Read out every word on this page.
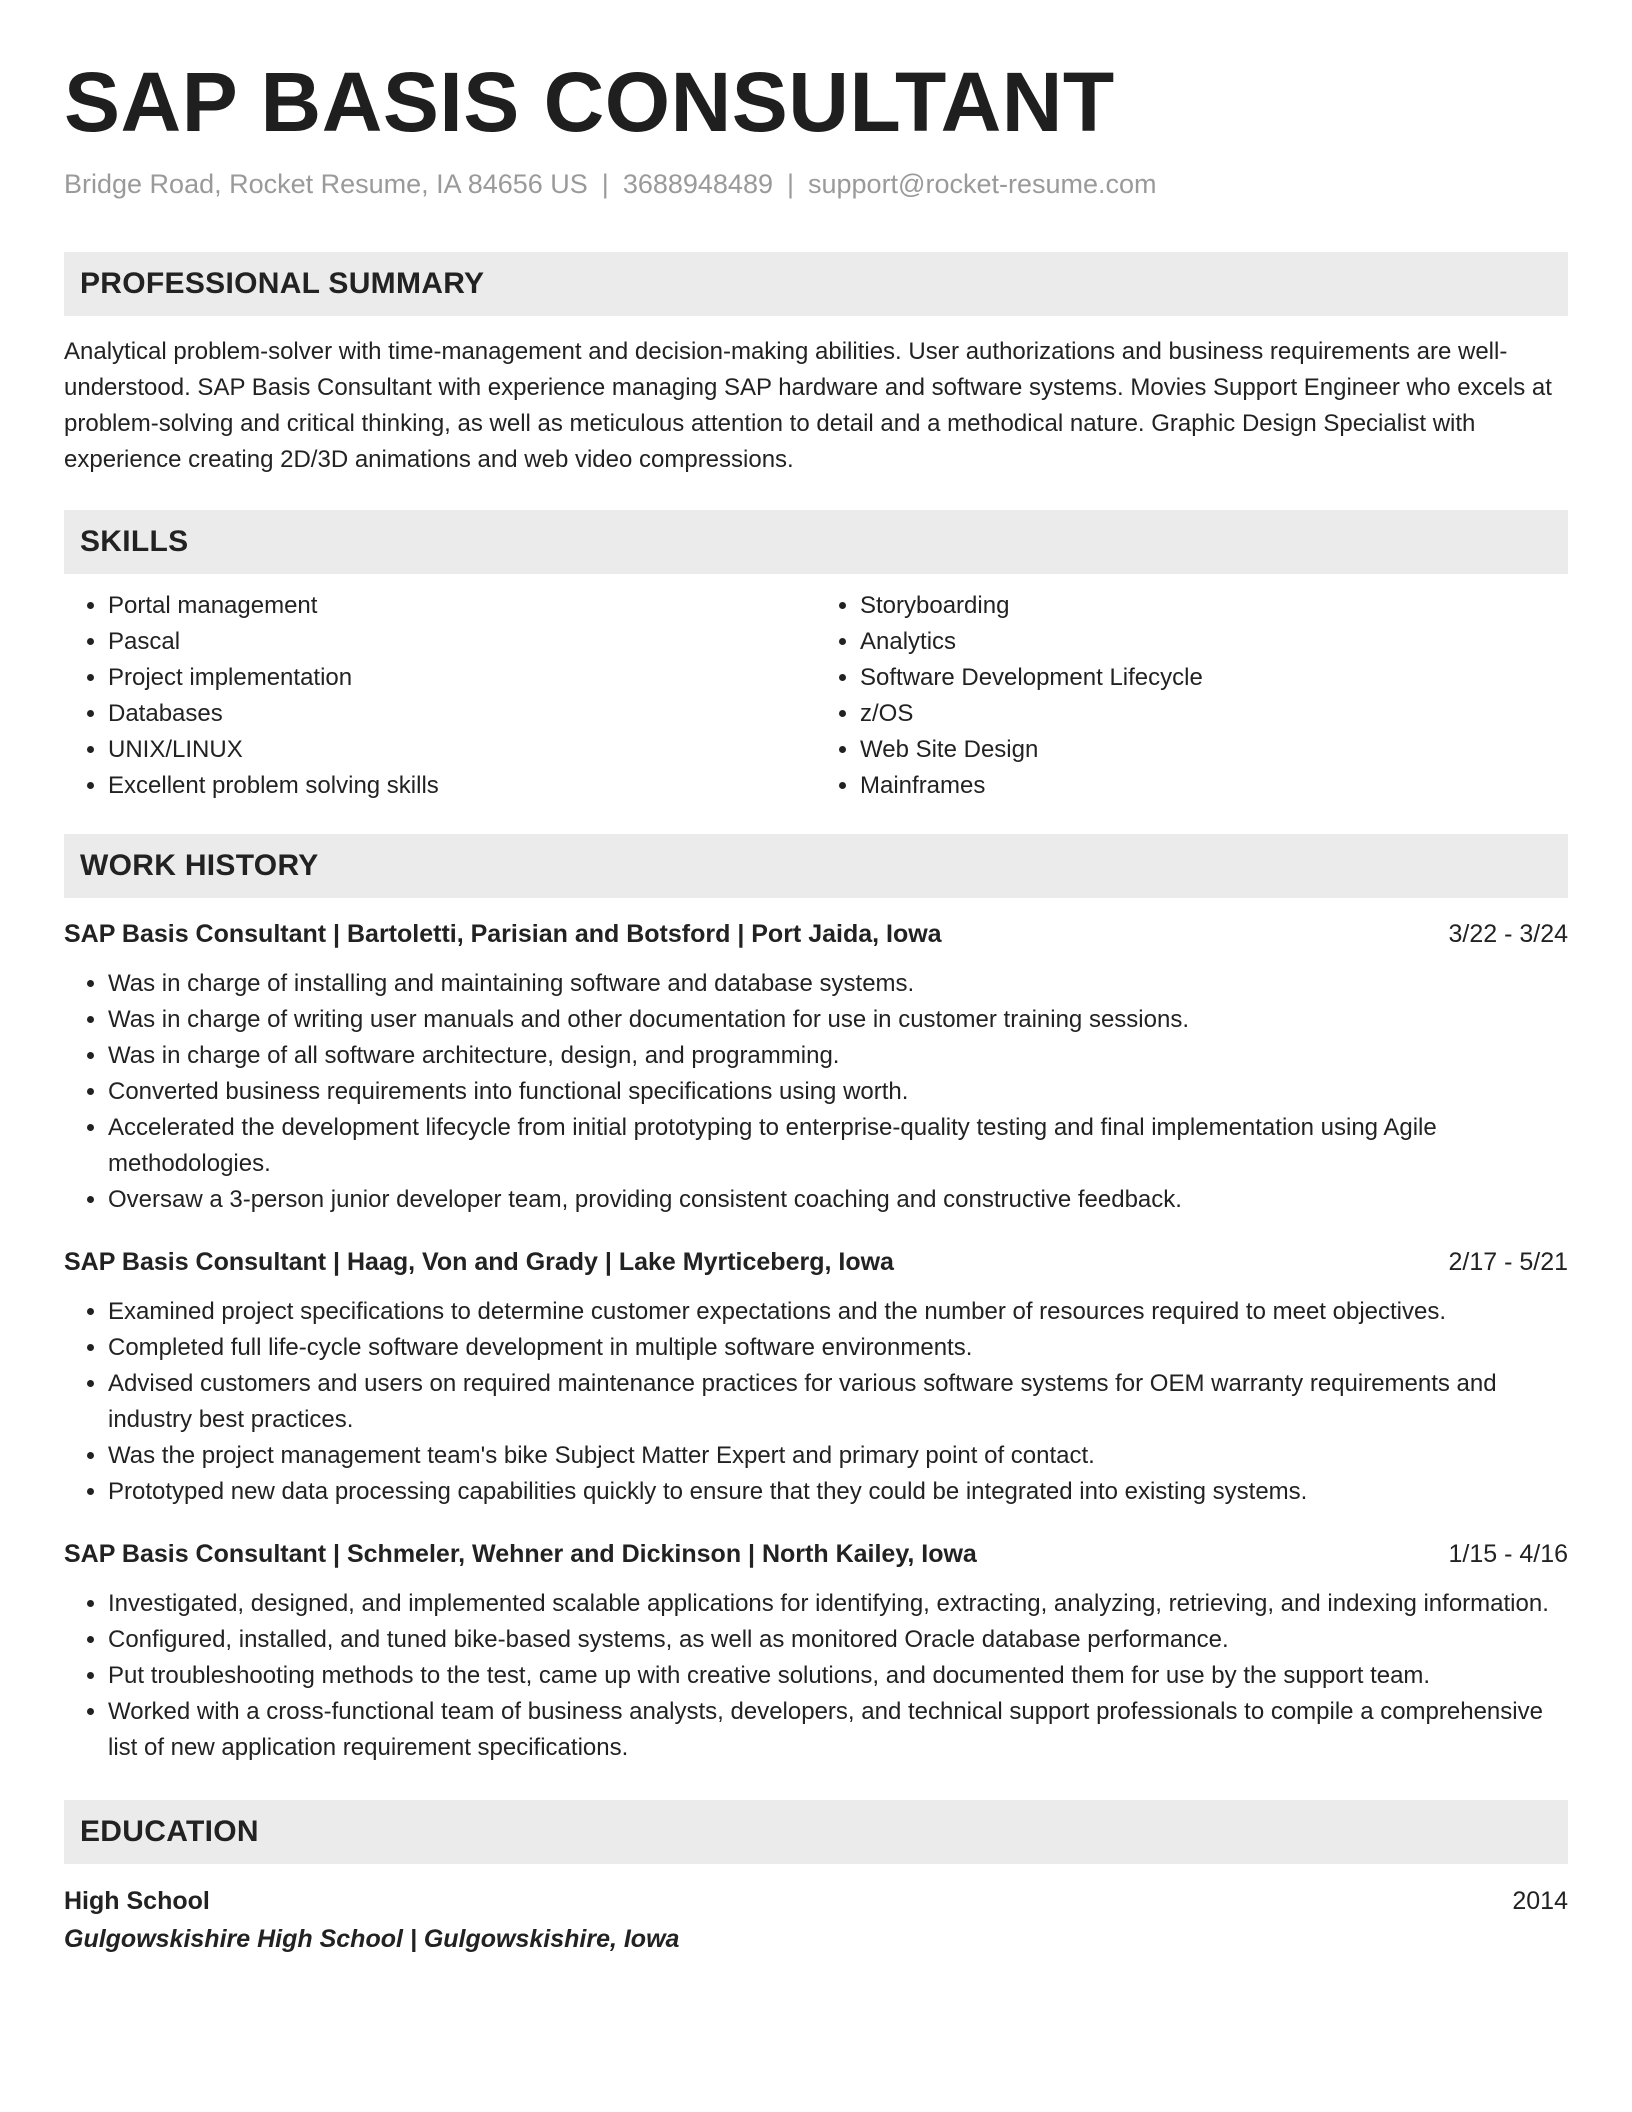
SAP BASIS CONSULTANT
Bridge Road, Rocket Resume, IA 84656 US | 3688948489 | support@rocket-resume.com
PROFESSIONAL SUMMARY

Analytical problem-solver with time-management and decision-making abilities. User authorizations and business requirements are well-understood. SAP Basis Consultant with experience managing SAP hardware and software systems. Movies Support Engineer who excels at problem-solving and critical thinking, as well as meticulous attention to detail and a methodical nature. Graphic Design Specialist with experience creating 2D/3D animations and web video compressions.

SKILLS
• Portal management
• Pascal
• Project implementation
• Databases
• UNIX/LINUX
• Excellent problem solving skills
• Storyboarding
• Analytics
• Software Development Lifecycle
• z/OS
• Web Site Design
• Mainframes
WORK HISTORY
SAP Basis Consultant | Bartoletti, Parisian and Botsford | Port Jaida, Iowa	3/22 - 3/24
• Was in charge of installing and maintaining software and database systems.
• Was in charge of writing user manuals and other documentation for use in customer training sessions.
• Was in charge of all software architecture, design, and programming.
• Converted business requirements into functional specifications using worth.
• Accelerated the development lifecycle from initial prototyping to enterprise-quality testing and final implementation using Agile methodologies.
• Oversaw a 3-person junior developer team, providing consistent coaching and constructive feedback.
SAP Basis Consultant | Haag, Von and Grady | Lake Myrticeberg, Iowa	2/17 - 5/21
• Examined project specifications to determine customer expectations and the number of resources required to meet objectives.
• Completed full life-cycle software development in multiple software environments.
• Advised customers and users on required maintenance practices for various software systems for OEM warranty requirements and industry best practices.
• Was the project management team's bike Subject Matter Expert and primary point of contact.
• Prototyped new data processing capabilities quickly to ensure that they could be integrated into existing systems.
SAP Basis Consultant | Schmeler, Wehner and Dickinson | North Kailey, Iowa	1/15 - 4/16
• Investigated, designed, and implemented scalable applications for identifying, extracting, analyzing, retrieving, and indexing information.
• Configured, installed, and tuned bike-based systems, as well as monitored Oracle database performance.
• Put troubleshooting methods to the test, came up with creative solutions, and documented them for use by the support team.
• Worked with a cross-functional team of business analysts, developers, and technical support professionals to compile a comprehensive list of new application requirement specifications.
EDUCATION
High School	2014
Gulgowskishire High School | Gulgowskishire, Iowa
